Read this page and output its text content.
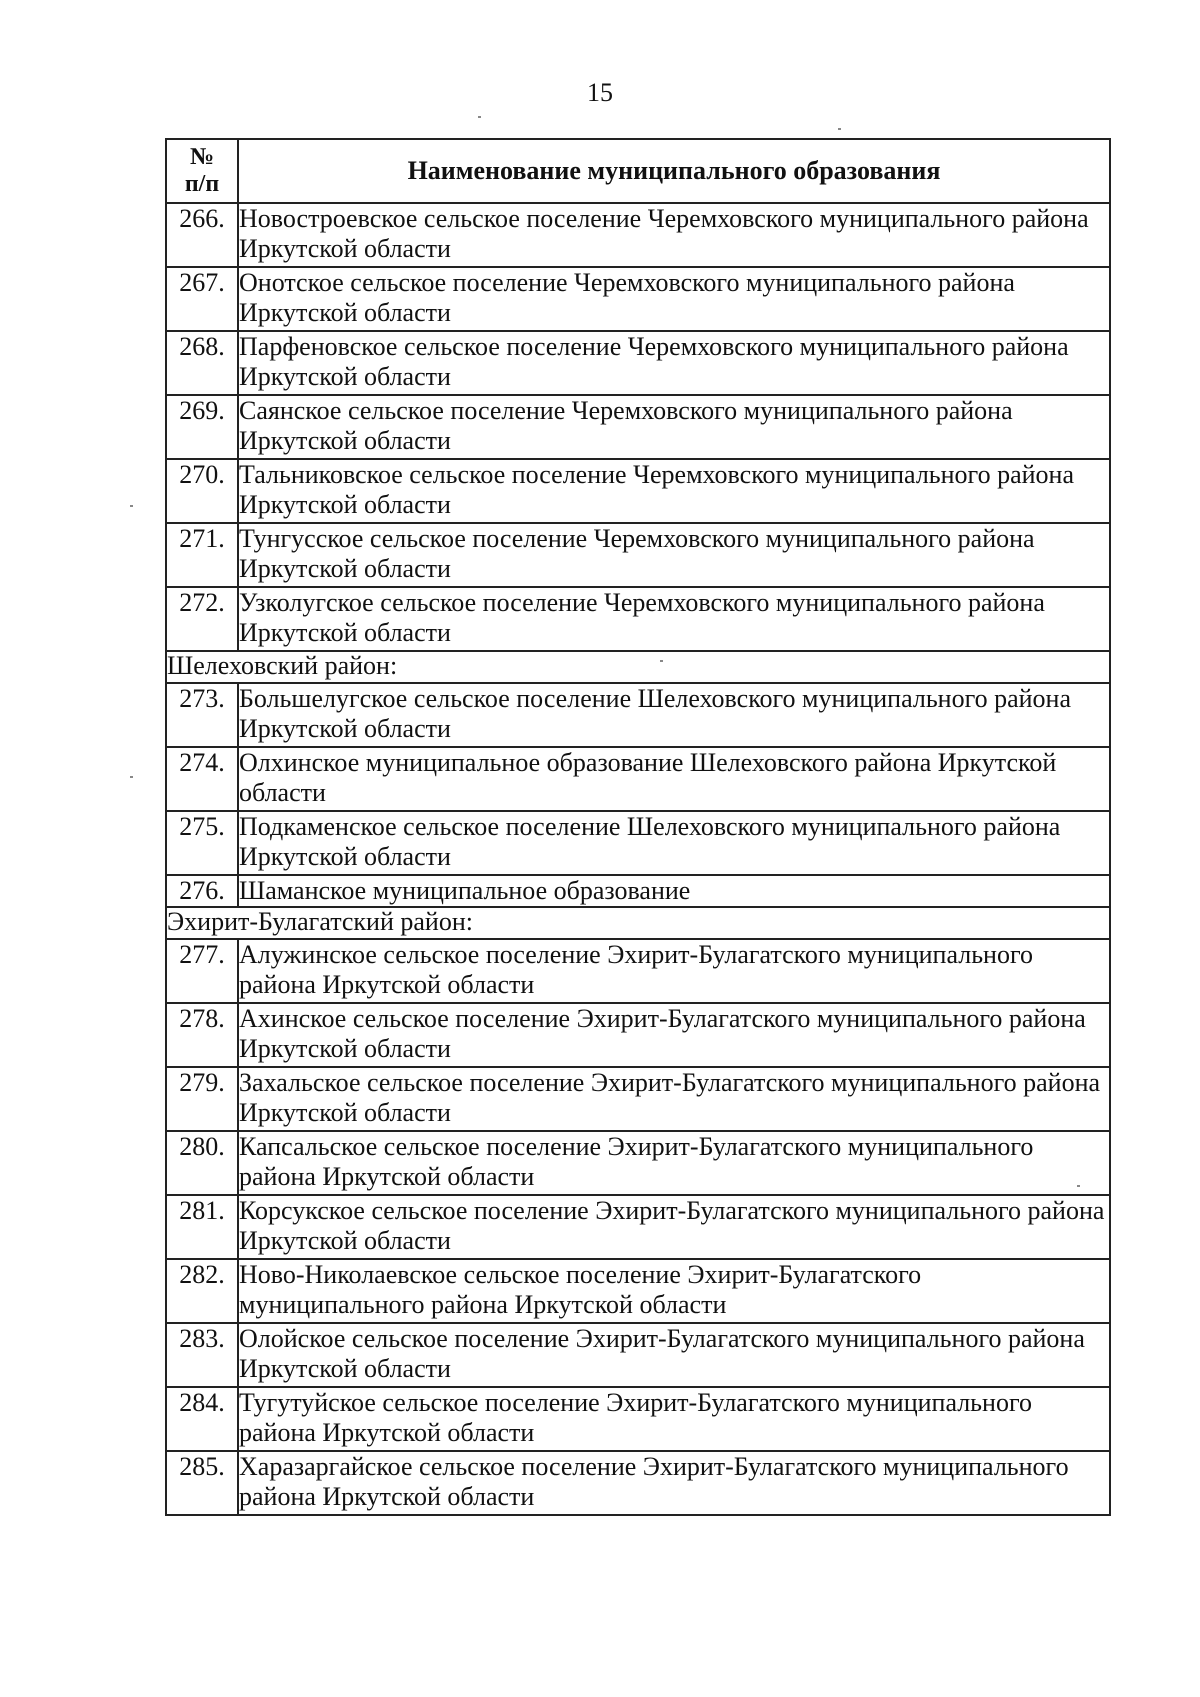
15
№
п/п	Наименование муниципального образования
266.	Новостроевское сельское поселение Черемховского муниципального района Иркутской области
267.	Онотское сельское поселение Черемховского муниципального района Иркутской области
268.	Парфеновское сельское поселение Черемховского муниципального района Иркутской области
269.	Саянское сельское поселение Черемховского муниципального района Иркутской области
270.	Тальниковское сельское поселение Черемховского муниципального района Иркутской области
271.	Тунгусское сельское поселение Черемховского муниципального района Иркутской области
272.	Узколугское сельское поселение Черемховского муниципального района Иркутской области
Шелеховский район:	
273.	Большелугское сельское поселение Шелеховского муниципального района Иркутской области
274.	Олхинское муниципальное образование Шелеховского района Иркутской области
275.	Подкаменское сельское поселение Шелеховского муниципального района Иркутской области
276.	Шаманское муниципальное образование
Эхирит-Булагатский район:	
277.	Алужинское сельское поселение Эхирит-Булагатского муниципального района Иркутской области
278.	Ахинское сельское поселение Эхирит-Булагатского муниципального района Иркутской области
279.	Захальское сельское поселение Эхирит-Булагатского муниципального района Иркутской области
280.	Капсальское сельское поселение Эхирит-Булагатского муниципального района Иркутской области
281.	Корсукское сельское поселение Эхирит-Булагатского муниципального района Иркутской области
282.	Ново-Николаевское сельское поселение Эхирит-Булагатского муниципального района Иркутской области
283.	Олойское сельское поселение Эхирит-Булагатского муниципального района Иркутской области
284.	Тугутуйское сельское поселение Эхирит-Булагатского муниципального района Иркутской области
285.	Харазаргайское сельское поселение Эхирит-Булагатского муниципального района Иркутской области
